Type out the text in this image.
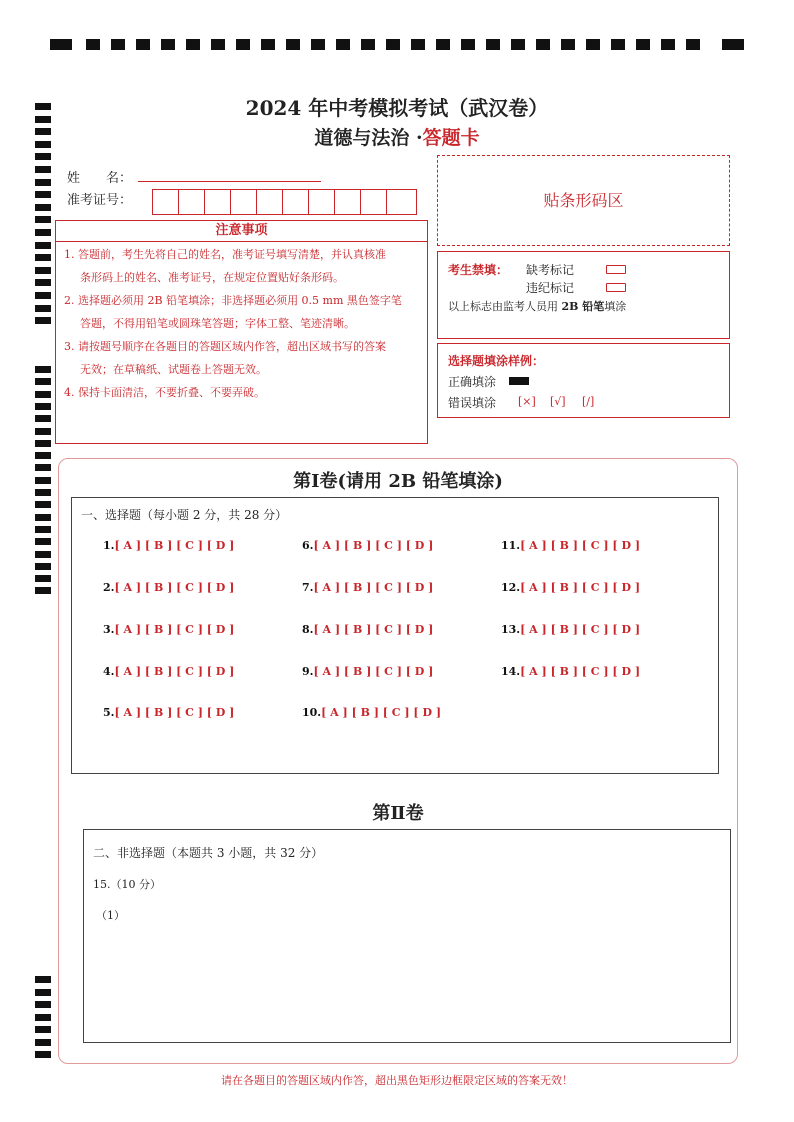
2024 年中考模拟考试（武汉卷）
道德与法治 ·答题卡
姓　　名：
准考证号：
注意事项
1. 答题前，考生先将自己的姓名，准考证号填写清楚，并认真核准
条形码上的姓名、准考证号，在规定位置贴好条形码。
2. 选择题必须用 2B 铅笔填涂；非选择题必须用 0.5 mm 黑色签字笔
答题，不得用铅笔或圆珠笔答题；字体工整、笔迹清晰。
3. 请按题号顺序在各题目的答题区域内作答，超出区域书写的答案
无效；在草稿纸、试题卷上答题无效。
4. 保持卡面清洁，不要折叠、不要弄破。
贴条形码区
考生禁填： 缺考标记
违纪标记
以上标志由监考人员用 2B 铅笔填涂
选择题填涂样例：
正确填涂
错误填涂 [×] [√] [/]
第Ⅰ卷(请用 2B 铅笔填涂)
第Ⅱ卷
一、选择题（每小题 2 分，共 28 分）
1.[ A ] [ B ] [ C ] [ D ]
2.[ A ] [ B ] [ C ] [ D ]
3.[ A ] [ B ] [ C ] [ D ]
4.[ A ] [ B ] [ C ] [ D ]
5.[ A ] [ B ] [ C ] [ D ]
6.[ A ] [ B ] [ C ] [ D ]
7.[ A ] [ B ] [ C ] [ D ]
8.[ A ] [ B ] [ C ] [ D ]
9.[ A ] [ B ] [ C ] [ D ]
10.[ A ] [ B ] [ C ] [ D ]
11.[ A ] [ B ] [ C ] [ D ]
12.[ A ] [ B ] [ C ] [ D ]
13.[ A ] [ B ] [ C ] [ D ]
14.[ A ] [ B ] [ C ] [ D ]
二、非选择题（本题共 3 小题，共 32 分）
15.（10 分）
（1）
请在各题目的答题区域内作答，超出黑色矩形边框限定区域的答案无效！
